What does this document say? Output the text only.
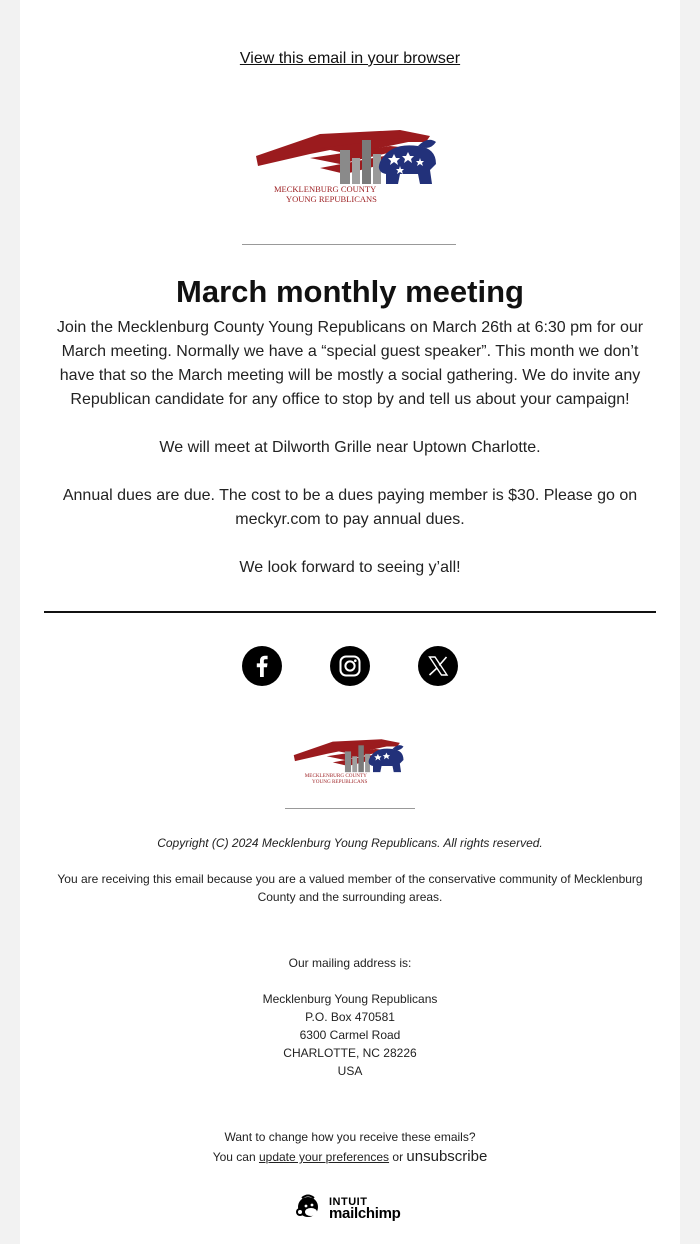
View this email in your browser
MECKLENBURG COUNTY
YOUNG REPUBLICANS
March monthly meeting
Join the Mecklenburg County Young Republicans on March 26th at 6:30 pm for our March meeting. Normally we have a “special guest speaker”. This month we don’t have that so the March meeting will be mostly a social gathering. We do invite any Republican candidate for any office to stop by and tell us about your campaign!
We will meet at Dilworth Grille near Uptown Charlotte.
Annual dues are due. The cost to be a dues paying member is $30. Please go on meckyr.com to pay annual dues.
We look forward to seeing y’all!
MECKLENBURG COUNTY
YOUNG REPUBLICANS
Copyright (C) 2024 Mecklenburg Young Republicans. All rights reserved.
You are receiving this email because you are a valued member of the conservative community of Mecklenburg County and the surrounding areas.
Our mailing address is:
Mecklenburg Young Republicans
P.O. Box 470581
6300 Carmel Road
CHARLOTTE, NC 28226
USA
Want to change how you receive these emails?
You can update your preferences or unsubscribe
INTUIT
mailchimp
